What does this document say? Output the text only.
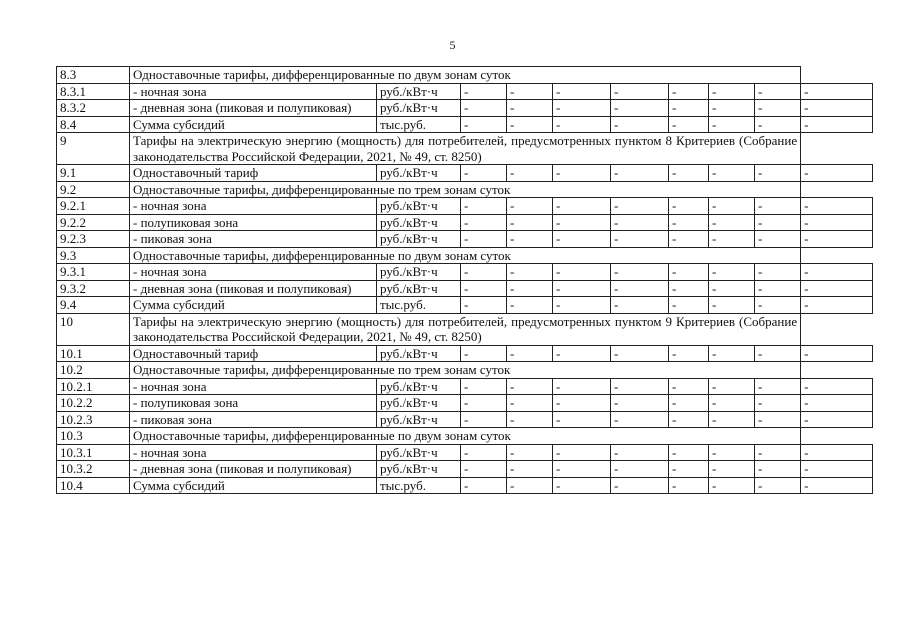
5
8.3	Одноставочные тарифы, дифференцированные по двум зонам суток									
8.3.1	- ночная зона	руб./кВт·ч	-	-	-	-	-	-	-	-
8.3.2	- дневная зона (пиковая и полупиковая)	руб./кВт·ч	-	-	-	-	-	-	-	-
8.4	Сумма субсидий	тыс.руб.	-	-	-	-	-	-	-	-
9	Тарифы на электрическую энергию (мощность) для потребителей, предусмотренных пунктом 8 Критериев (Собрание законодательства Российской Федерации, 2021, № 49, ст. 8250)									
9.1	Одноставочный тариф	руб./кВт·ч	-	-	-	-	-	-	-	-
9.2	Одноставочные тарифы, дифференцированные по трем зонам суток									
9.2.1	- ночная зона	руб./кВт·ч	-	-	-	-	-	-	-	-
9.2.2	- полупиковая зона	руб./кВт·ч	-	-	-	-	-	-	-	-
9.2.3	- пиковая зона	руб./кВт·ч	-	-	-	-	-	-	-	-
9.3	Одноставочные тарифы, дифференцированные по двум зонам суток									
9.3.1	- ночная зона	руб./кВт·ч	-	-	-	-	-	-	-	-
9.3.2	- дневная зона (пиковая и полупиковая)	руб./кВт·ч	-	-	-	-	-	-	-	-
9.4	Сумма субсидий	тыс.руб.	-	-	-	-	-	-	-	-
10	Тарифы на электрическую энергию (мощность) для потребителей, предусмотренных пунктом 9 Критериев (Собрание законодательства Российской Федерации, 2021, № 49, ст. 8250)									
10.1	Одноставочный тариф	руб./кВт·ч	-	-	-	-	-	-	-	-
10.2	Одноставочные тарифы, дифференцированные по трем зонам суток									
10.2.1	- ночная зона	руб./кВт·ч	-	-	-	-	-	-	-	-
10.2.2	- полупиковая зона	руб./кВт·ч	-	-	-	-	-	-	-	-
10.2.3	- пиковая зона	руб./кВт·ч	-	-	-	-	-	-	-	-
10.3	Одноставочные тарифы, дифференцированные по двум зонам суток									
10.3.1	- ночная зона	руб./кВт·ч	-	-	-	-	-	-	-	-
10.3.2	- дневная зона (пиковая и полупиковая)	руб./кВт·ч	-	-	-	-	-	-	-	-
10.4	Сумма субсидий	тыс.руб.	-	-	-	-	-	-	-	-
